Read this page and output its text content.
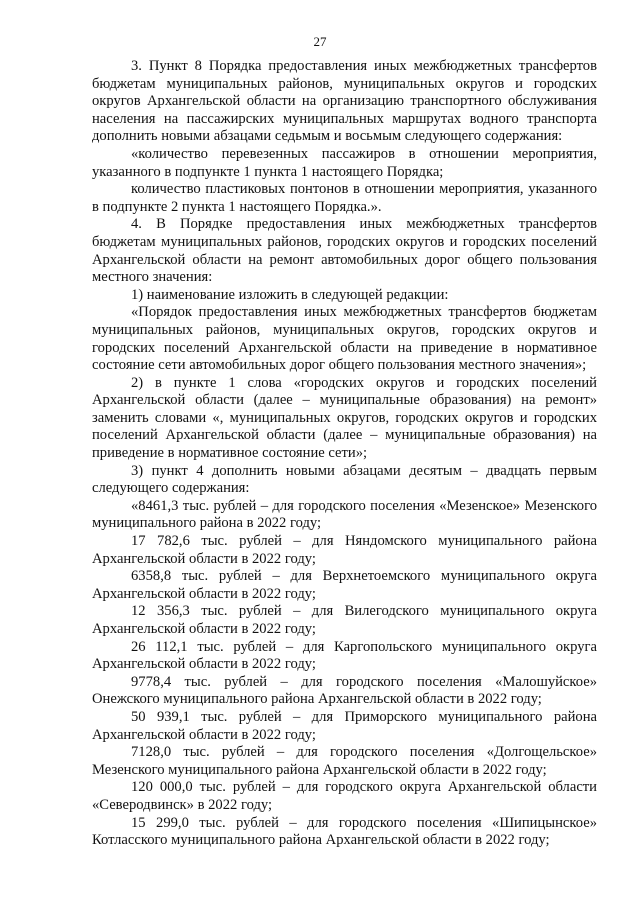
27

3. Пункт 8 Порядка предоставления иных межбюджетных трансфертов бюджетам муниципальных районов, муниципальных округов и городских округов Архангельской области на организацию транспортного обслуживания населения на пассажирских муниципальных маршрутах водного транспорта дополнить новыми абзацами седьмым и восьмым следующего содержания:

«количество перевезенных пассажиров в отношении мероприятия, указанного в подпункте 1 пункта 1 настоящего Порядка;

количество пластиковых понтонов в отношении мероприятия, указанного в подпункте 2 пункта 1 настоящего Порядка.».

4. В Порядке предоставления иных межбюджетных трансфертов бюджетам муниципальных районов, городских округов и городских поселений Архангельской области на ремонт автомобильных дорог общего пользования местного значения:

1) наименование изложить в следующей редакции:

«Порядок предоставления иных межбюджетных трансфертов бюджетам муниципальных районов, муниципальных округов, городских округов и городских поселений Архангельской области на приведение в нормативное состояние сети автомобильных дорог общего пользования местного значения»;

2) в пункте 1 слова «городских округов и городских поселений Архангельской области (далее – муниципальные образования) на ремонт» заменить словами «, муниципальных округов, городских округов и городских поселений Архангельской области (далее – муниципальные образования) на приведение в нормативное состояние сети»;

3) пункт 4 дополнить новыми абзацами десятым – двадцать первым следующего содержания:

«8461,3 тыс. рублей – для городского поселения «Мезенское» Мезенского муниципального района в 2022 году;

17 782,6 тыс. рублей – для Няндомского муниципального района Архангельской области в 2022 году;

6358,8 тыс. рублей – для Верхнетоемского муниципального округа Архангельской области в 2022 году;

12 356,3 тыс. рублей – для Вилегодского муниципального округа Архангельской области в 2022 году;

26 112,1 тыс. рублей – для Каргопольского муниципального округа Архангельской области в 2022 году;

9778,4 тыс. рублей – для городского поселения «Малошуйское» Онежского муниципального района Архангельской области в 2022 году;

50 939,1 тыс. рублей – для Приморского муниципального района Архангельской области в 2022 году;

7128,0 тыс. рублей – для городского поселения «Долгощельское» Мезенского муниципального района Архангельской области в 2022 году;

120 000,0 тыс. рублей – для городского округа Архангельской области «Северодвинск» в 2022 году;

15 299,0 тыс. рублей – для городского поселения «Шипицынское» Котласского муниципального района Архангельской области в 2022 году;
